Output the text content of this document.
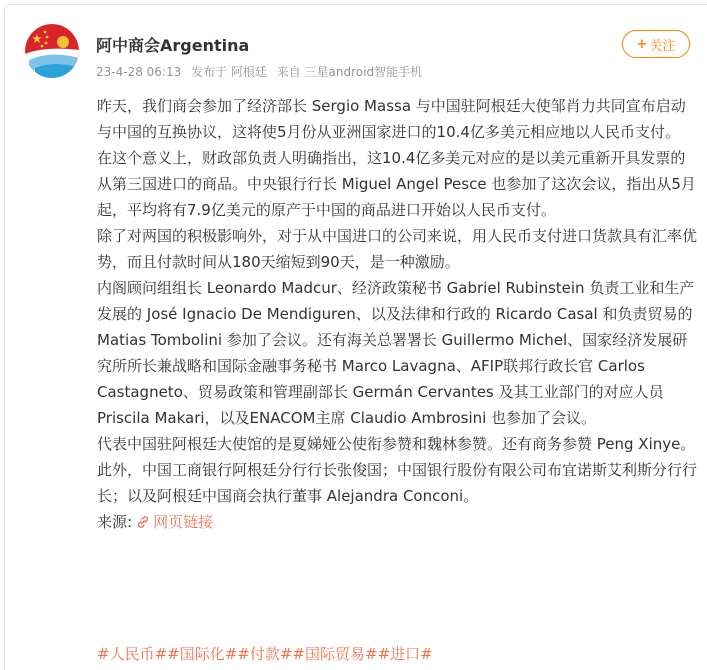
阿中商会Argentina
23-4-28 06:13 发布于 阿根廷 来自 三星android智能手机
+ 关注

昨天，我们商会参加了经济部长 Sergio Massa 与中国驻阿根廷大使邹肖力共同宣布启动与中国的互换协议，这将使5月份从亚洲国家进口的10.4亿多美元相应地以人民币支付。

在这个意义上，财政部负责人明确指出，这10.4亿多美元对应的是以美元重新开具发票的从第三国进口的商品。中央银行行长 Miguel Angel Pesce 也参加了这次会议，指出从5月起，平均将有7.9亿美元的原产于中国的商品进口开始以人民币支付。

除了对两国的积极影响外，对于从中国进口的公司来说，用人民币支付进口货款具有汇率优势，而且付款时间从180天缩短到90天，是一种激励。

内阁顾问组组长 Leonardo Madcur、经济政策秘书 Gabriel Rubinstein 负责工业和生产发展的 José Ignacio De Mendiguren、以及法律和行政的 Ricardo Casal 和负责贸易的 Matias Tombolini 参加了会议。还有海关总署署长 Guillermo Michel、国家经济发展研究所所长兼战略和国际金融事务秘书 Marco Lavagna、AFIP联邦行政长官 Carlos Castagneto、贸易政策和管理副部长 Germán Cervantes 及其工业部门的对应人员 Priscila Makari，以及ENACOM主席 Claudio Ambrosini 也参加了会议。

代表中国驻阿根廷大使馆的是夏娣娅公使衔参赞和魏林参赞。还有商务参赞 Peng Xinye。此外，中国工商银行阿根廷分行行长张俊国；中国银行股份有限公司布宜诺斯艾利斯分行行长；以及阿根廷中国商会执行董事 Alejandra Conconi。

来源: 网页链接

#人民币##国际化##付款##国际贸易##进口#
